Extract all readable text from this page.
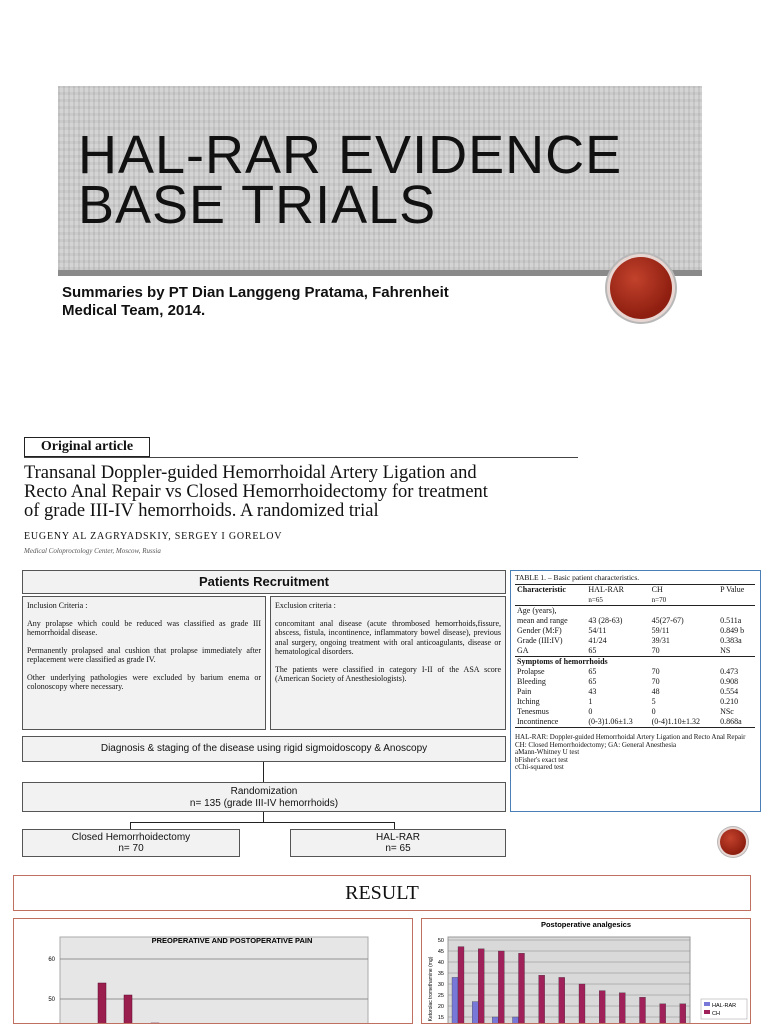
HAL-RAR EVIDENCE
BASE TRIALS
Summaries by PT Dian Langgeng Pratama, Fahrenheit
Medical Team, 2014.
Original article
Transanal Doppler-guided Hemorrhoidal Artery Ligation and
Recto Anal Repair vs Closed Hemorrhoidectomy for treatment
of grade III-IV hemorrhoids. A randomized trial
EUGENY AL ZAGRYADSKIY, SERGEY I GORELOV
Medical Coloproctology Center, Moscow, Russia
Patients Recruitment

Inclusion Criteria :

Any prolapse which could be reduced was classified as grade III hemorrhoidal disease.

Permanently prolapsed anal cushion that prolapse immediately after replacement were classified as grade IV.

Other underlying pathologies were excluded by barium enema or colonoscopy where necessary.

Exclusion criteria :

concomitant anal disease (acute thrombosed hemorrhoids,fissure, abscess, fistula, incontinence, inflammatory bowel disease), previous anal surgery, ongoing treatment with oral anticoagulants, disease or hematological disorders.

The patients were classified in category I-II of the ASA score (American Society of Anesthesiologists).

Diagnosis & staging of the disease using rigid sigmoidoscopy & Anoscopy
Randomization
n= 135 (grade III-IV hemorrhoids)
Closed Hemorrhoidectomy
n= 70
HAL-RAR
n= 65
TABLE 1. – Basic patient characteristics.
Characteristic	HAL-RAR	CH	P Value
	n=65	n=70	
Age (years),			
mean and range	43 (28-63)	45(27-67)	0.511a
Gender (M:F)	54/11	59/11	0.849 b
Grade (III:IV)	41/24	39/31	0.383a
GA	65	70	NS
Symptoms of hemorrhoids			
Prolapse	65	70	0.473
Bleeding	65	70	0.908
Pain	43	48	0.554
Itching	1	5	0.210
Tenesmus	0	0	NSc
Incontinence	(0-3)1.06±1.3	(0-4)1.10±1.32	0.868a
HAL-RAR: Doppler-guided Hemorrhoidal Artery Ligation and Recto Anal Repair
CH: Closed Hemorrhoidectomy; GA: General Anesthesia
aMann-Whitney U test
bFisher's exact test
cChi-squared test
RESULT
PREOPERATIVE AND POSTOPERATIVE PAIN
60
50
Postoperative analgesics
Ketorolac tromethamine (mg)
50
45
40
35
30
25
20
15
HAL-RAR
CH
